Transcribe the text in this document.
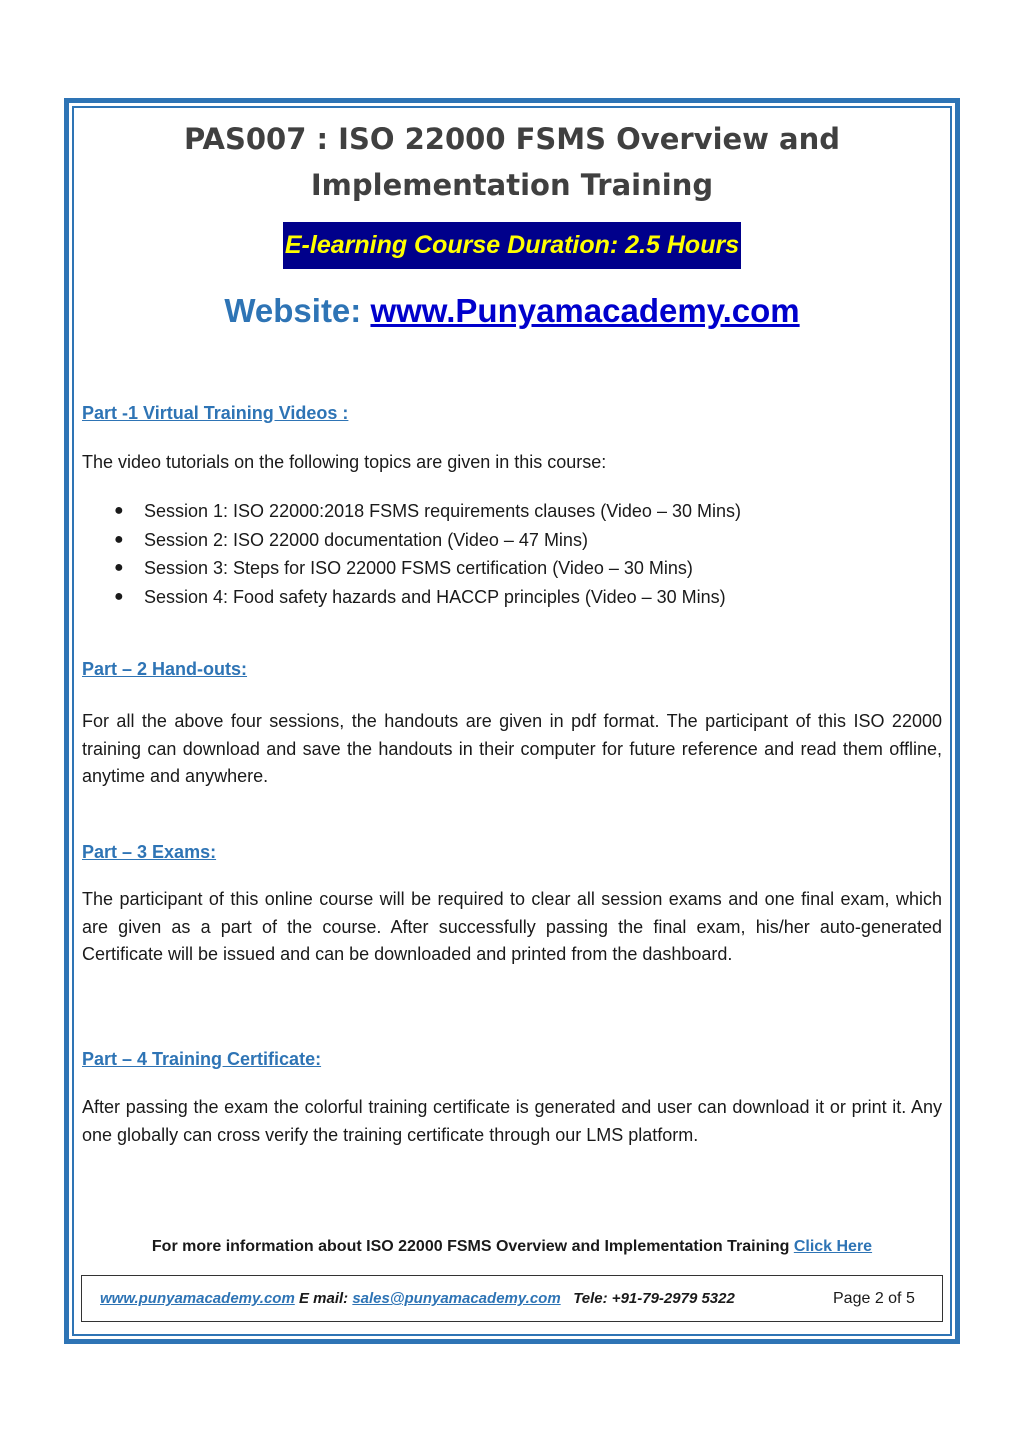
PAS007 : ISO 22000 FSMS Overview and Implementation Training
E-learning Course Duration: 2.5 Hours
Website: www.Punyamacademy.com
Part -1 Virtual Training Videos :
The video tutorials on the following topics are given in this course:
● Session 1: ISO 22000:2018 FSMS requirements clauses (Video – 30 Mins)
● Session 2: ISO 22000 documentation (Video – 47 Mins)
● Session 3: Steps for ISO 22000 FSMS certification (Video – 30 Mins)
● Session 4: Food safety hazards and HACCP principles (Video – 30 Mins)
Part – 2 Hand-outs:
For all the above four sessions, the handouts are given in pdf format. The participant of this ISO 22000 training can download and save the handouts in their computer for future reference and read them offline, anytime and anywhere.
Part – 3 Exams:
The participant of this online course will be required to clear all session exams and one final exam, which are given as a part of the course. After successfully passing the final exam, his/her auto-generated Certificate will be issued and can be downloaded and printed from the dashboard.
Part – 4 Training Certificate:
After passing the exam the colorful training certificate is generated and user can download it or print it. Any one globally can cross verify the training certificate through our LMS platform.
For more information about ISO 22000 FSMS Overview and Implementation Training Click Here
www.punyamacademy.com E mail: sales@punyamacademy.com Tele: +91-79-2979 5322	Page 2 of 5
